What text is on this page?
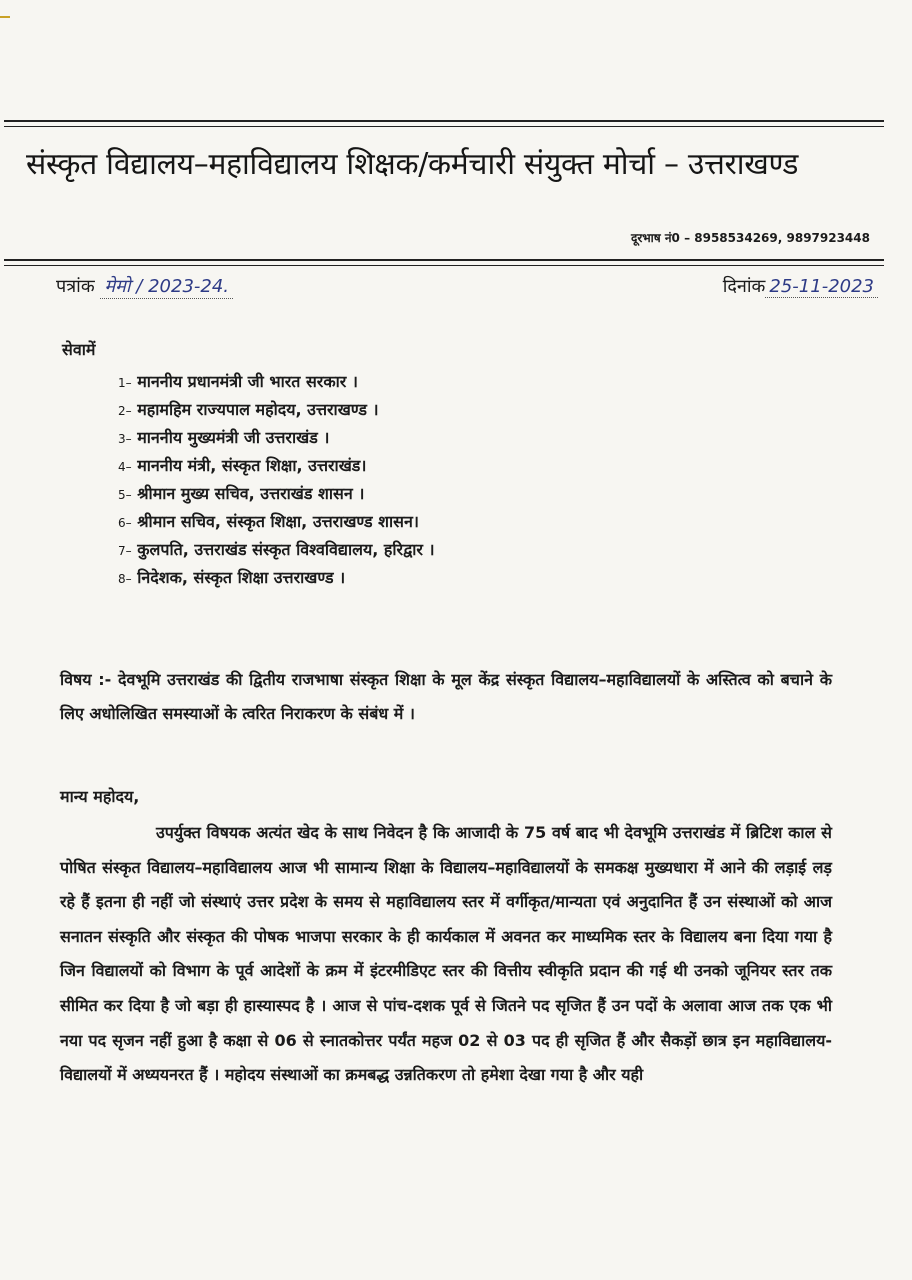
संस्कृत विद्यालय–महाविद्यालय शिक्षक/कर्मचारी संयुक्त मोर्चा – उत्तराखण्ड
दूरभाष नं0 – 8958534269, 9897923448
पत्रांक मेमो / 2023-24.	दिनांक 25-11-2023
सेवामें
1– माननीय प्रधानमंत्री जी भारत सरकार ।
2– महामहिम राज्यपाल महोदय, उत्तराखण्ड ।
3– माननीय मुख्यमंत्री जी उत्तराखंड ।
4– माननीय मंत्री, संस्कृत शिक्षा, उत्तराखंड।
5– श्रीमान मुख्य सचिव, उत्तराखंड शासन ।
6– श्रीमान सचिव, संस्कृत शिक्षा, उत्तराखण्ड शासन।
7– कुलपति, उत्तराखंड संस्कृत विश्वविद्यालय, हरिद्वार ।
8– निदेशक, संस्कृत शिक्षा उत्तराखण्ड ।
विषय :- देवभूमि उत्तराखंड की द्वितीय राजभाषा संस्कृत शिक्षा के मूल केंद्र संस्कृत विद्यालय–महाविद्यालयों के अस्तित्व को बचाने के लिए अधोलिखित समस्याओं के त्वरित निराकरण के संबंध में ।
मान्य महोदय,

उपर्युक्त विषयक अत्यंत खेद के साथ निवेदन है कि आजादी के 75 वर्ष बाद भी देवभूमि उत्तराखंड में ब्रिटिश काल से पोषित संस्कृत विद्यालय–महाविद्यालय आज भी सामान्य शिक्षा के विद्यालय–महाविद्यालयों के समकक्ष मुख्यधारा में आने की लड़ाई लड़ रहे हैं इतना ही नहीं जो संस्थाएं उत्तर प्रदेश के समय से महाविद्यालय स्तर में वर्गीकृत/मान्यता एवं अनुदानित हैं उन संस्थाओं को आज सनातन संस्कृति और संस्कृत की पोषक भाजपा सरकार के ही कार्यकाल में अवनत कर माध्यमिक स्तर के विद्यालय बना दिया गया है जिन विद्यालयों को विभाग के पूर्व आदेशों के क्रम में इंटरमीडिएट स्तर की वित्तीय स्वीकृति प्रदान की गई थी उनको जूनियर स्तर तक सीमित कर दिया है जो बड़ा ही हास्यास्पद है । आज से पांच-दशक पूर्व से जितने पद सृजित हैं उन पदों के अलावा आज तक एक भी नया पद सृजन नहीं हुआ है कक्षा से 06 से स्नातकोत्तर पर्यंत महज 02 से 03 पद ही सृजित हैं और सैकड़ों छात्र इन महाविद्यालय-विद्यालयों में अध्ययनरत हैं । महोदय संस्थाओं का क्रमबद्ध उन्नतिकरण तो हमेशा देखा गया है और यही
